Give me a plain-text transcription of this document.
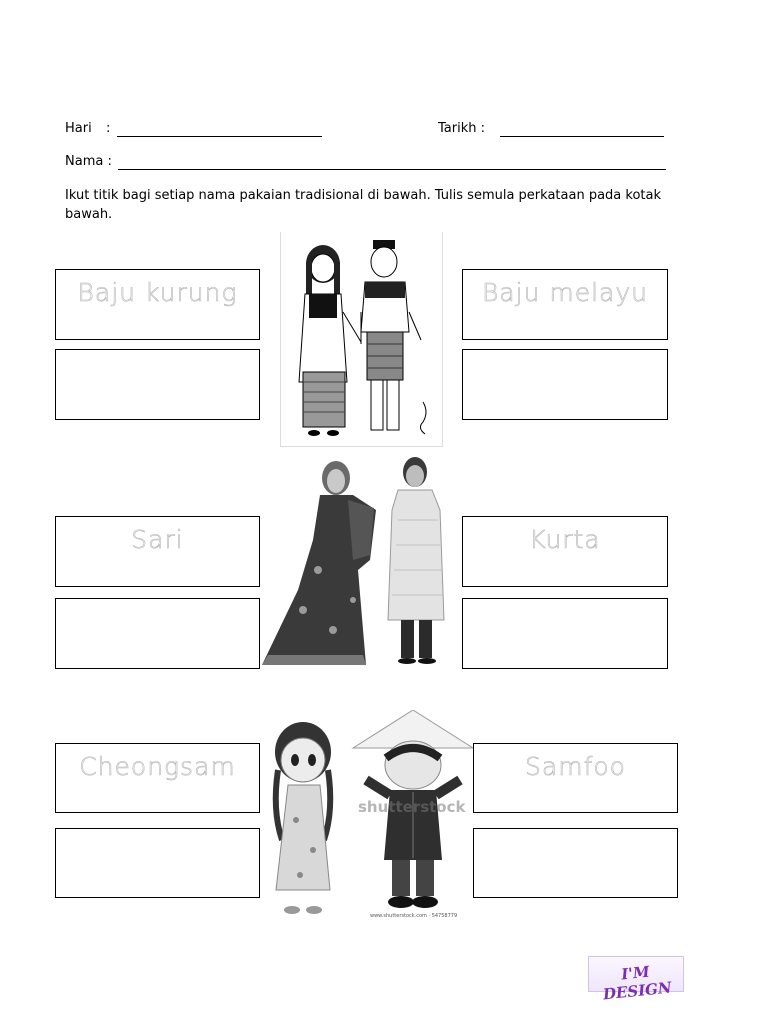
Hari :	Tarikh :
Nama :
Ikut titik bagi setiap nama pakaian tradisional di bawah. Tulis semula perkataan pada kotak bawah.
Baju kurung	Baju melayu
Sari	Kurta
shutterstock
www.shutterstock.com · 54758779
Cheongsam	Samfoo
I'M DESIGN
